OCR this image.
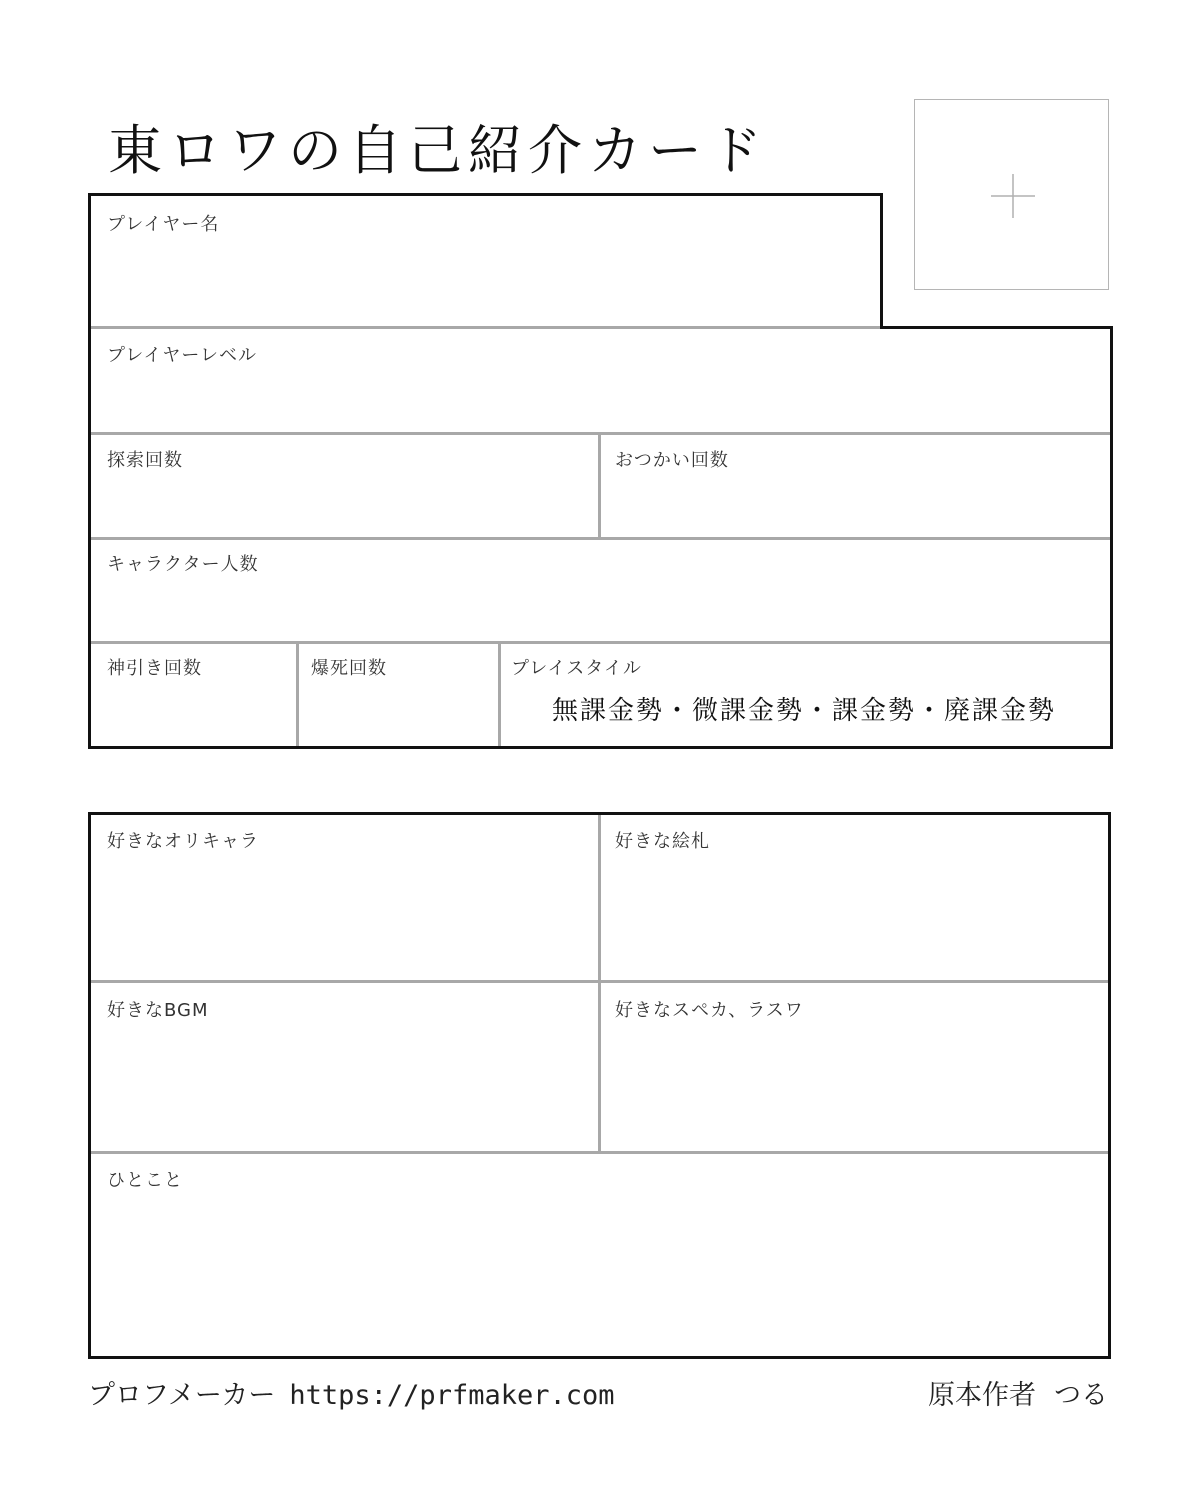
東ロワの自己紹介カード
プレイヤー名
プレイヤーレベル
探索回数	おつかい回数
キャラクター人数
神引き回数	爆死回数	プレイスタイル
無課金勢・微課金勢・課金勢・廃課金勢
好きなオリキャラ	好きな絵札
好きなBGM	好きなスペカ、ラスワ
ひとこと
プロフメーカー https://prfmaker.com	原本作者 つる
